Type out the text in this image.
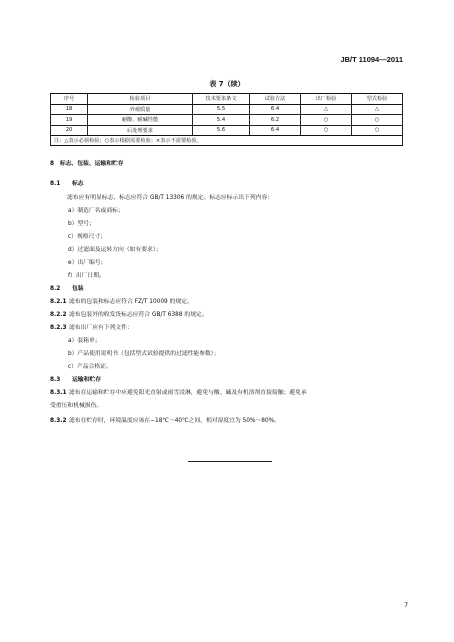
JB/T 11094—2011
表 7（续）
序号	检验项目	技术要求条文	试验方法	出厂检验	型式检验
18	外观质量	5.5	6.4	△	△
19	耐酸、耐碱性能	5.4	6.2	○	○
20	后处理要求	5.6	6.4	○	○
注：△表示必须检验；○表示根据需要检验；×表示不需要检验。					
8　标志、包装、运输和贮存
8.1 标志
滤布应有明显标志，标志应符合 GB/T 13306 的规定。标志应标示出下列内容：
a）制造厂名或商标；
b）型号；
c）规格尺寸；
d）过滤面及运转方向（如有要求）；
e）出厂编号；
f）出厂日期。
8.2 包装
8.2.1 滤布的包装和标志应符合 FZ/T 10009 的规定。
8.2.2 滤布包装外的收发货标志应符合 GB/T 6388 的规定。
8.2.3 滤布出厂应有下列文件：
a）装箱单；
b）产品使用说明书（包括型式试验提供的过滤性能参数）；
c）产品合格证。
8.3 运输和贮存
8.3.1 滤布在运输和贮存中应避免阳光直射或雨雪浸淋，避免与酸、碱及有机溶剂直接接触；避免承
受重压和机械损伤。
8.3.2 滤布在贮存时，环境温度应该在−18℃～40℃之间，相对湿度宜为 50%～80%。
7
